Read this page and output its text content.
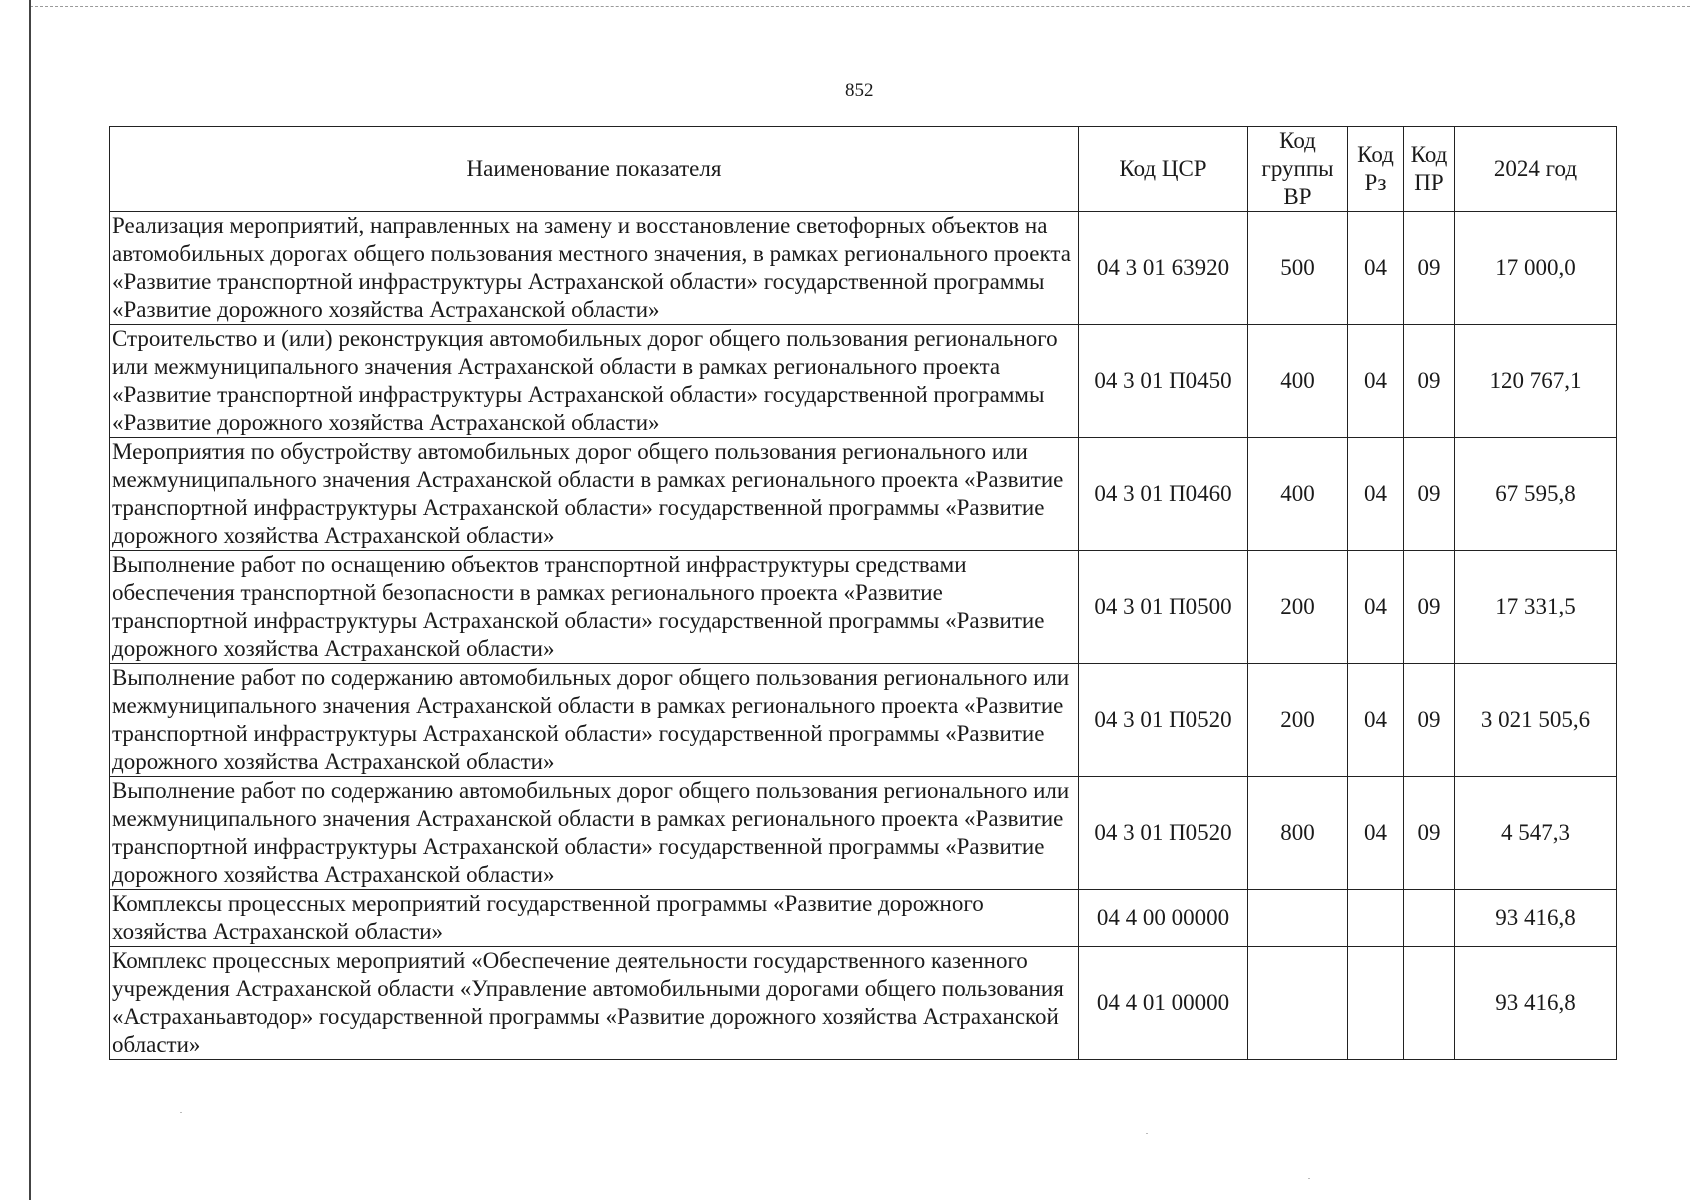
852
Наименование показателя	Код ЦСР	Код группы ВР	Код Рз	Код ПР	2024 год
Реализация мероприятий, направленных на замену и восстановление светофорных объектов на автомобильных дорогах общего пользования местного значения, в рамках регионального проекта «Развитие транспортной инфраструктуры Астраханской области» государственной программы «Развитие дорожного хозяйства Астраханской области»	04 3 01 63920	500	04	09	17 000,0
Строительство и (или) реконструкция автомобильных дорог общего пользования регионального или межмуниципального значения Астраханской области в рамках регионального проекта «Развитие транспортной инфраструктуры Астраханской области» государственной программы «Развитие дорожного хозяйства Астраханской области»	04 3 01 П0450	400	04	09	120 767,1
Мероприятия по обустройству автомобильных дорог общего пользования регионального или межмуниципального значения Астраханской области в рамках регионального проекта «Развитие транспортной инфраструктуры Астраханской области» государственной программы «Развитие дорожного хозяйства Астраханской области»	04 3 01 П0460	400	04	09	67 595,8
Выполнение работ по оснащению объектов транспортной инфраструктуры средствами обеспечения транспортной безопасности в рамках регионального проекта «Развитие транспортной инфраструктуры Астраханской области» государственной программы «Развитие дорожного хозяйства Астраханской области»	04 3 01 П0500	200	04	09	17 331,5
Выполнение работ по содержанию автомобильных дорог общего пользования регионального или межмуниципального значения Астраханской области в рамках регионального проекта «Развитие транспортной инфраструктуры Астраханской области» государственной программы «Развитие дорожного хозяйства Астраханской области»	04 3 01 П0520	200	04	09	3 021 505,6
Выполнение работ по содержанию автомобильных дорог общего пользования регионального или межмуниципального значения Астраханской области в рамках регионального проекта «Развитие транспортной инфраструктуры Астраханской области» государственной программы «Развитие дорожного хозяйства Астраханской области»	04 3 01 П0520	800	04	09	4 547,3
Комплексы процессных мероприятий государственной программы «Развитие дорожного хозяйства Астраханской области»	04 4 00 00000				93 416,8
Комплекс процессных мероприятий «Обеспечение деятельности государственного казенного учреждения Астраханской области «Управление автомобильными дорогами общего пользования «Астраханьавтодор» государственной программы «Развитие дорожного хозяйства Астраханской области»	04 4 01 00000				93 416,8
